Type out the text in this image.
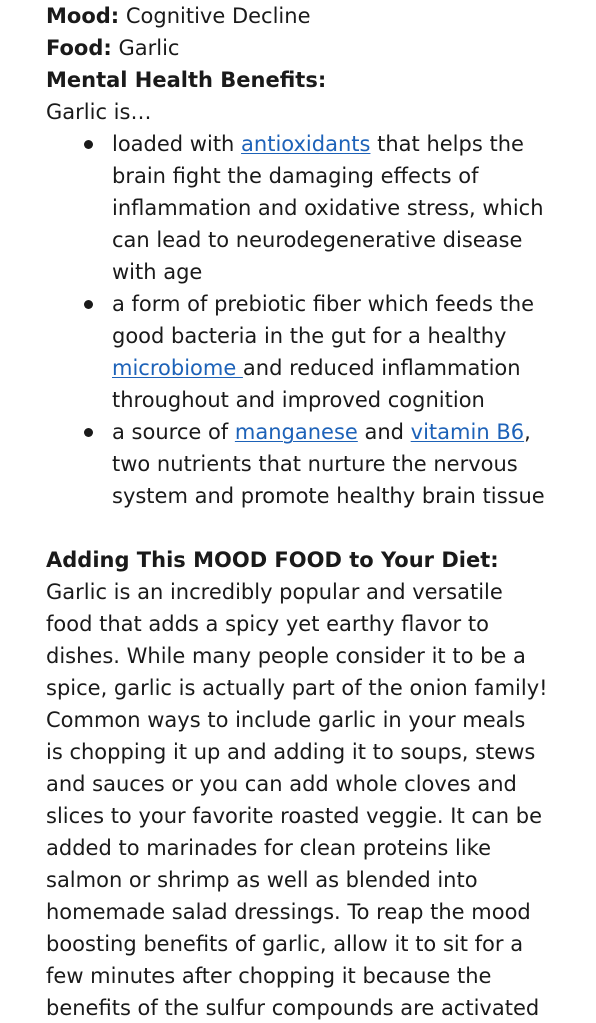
Mood: Cognitive Decline

Food: Garlic

Mental Health Benefits:

Garlic is…

loaded with antioxidants that helps the
brain fight the damaging effects of
inflammation and oxidative stress, which
can lead to neurodegenerative disease
with age
a form of prebiotic fiber which feeds the
good bacteria in the gut for a healthy
microbiome and reduced inflammation
throughout and improved cognition
a source of manganese and vitamin B6,
two nutrients that nurture the nervous
system and promote healthy brain tissue

Adding This MOOD FOOD to Your Diet:

Garlic is an incredibly popular and versatile

food that adds a spicy yet earthy flavor to

dishes. While many people consider it to be a

spice, garlic is actually part of the onion family!

Common ways to include garlic in your meals

is chopping it up and adding it to soups, stews

and sauces or you can add whole cloves and

slices to your favorite roasted veggie. It can be

added to marinades for clean proteins like

salmon or shrimp as well as blended into

homemade salad dressings. To reap the mood

boosting benefits of garlic, allow it to sit for a

few minutes after chopping it because the

benefits of the sulfur compounds are activated
